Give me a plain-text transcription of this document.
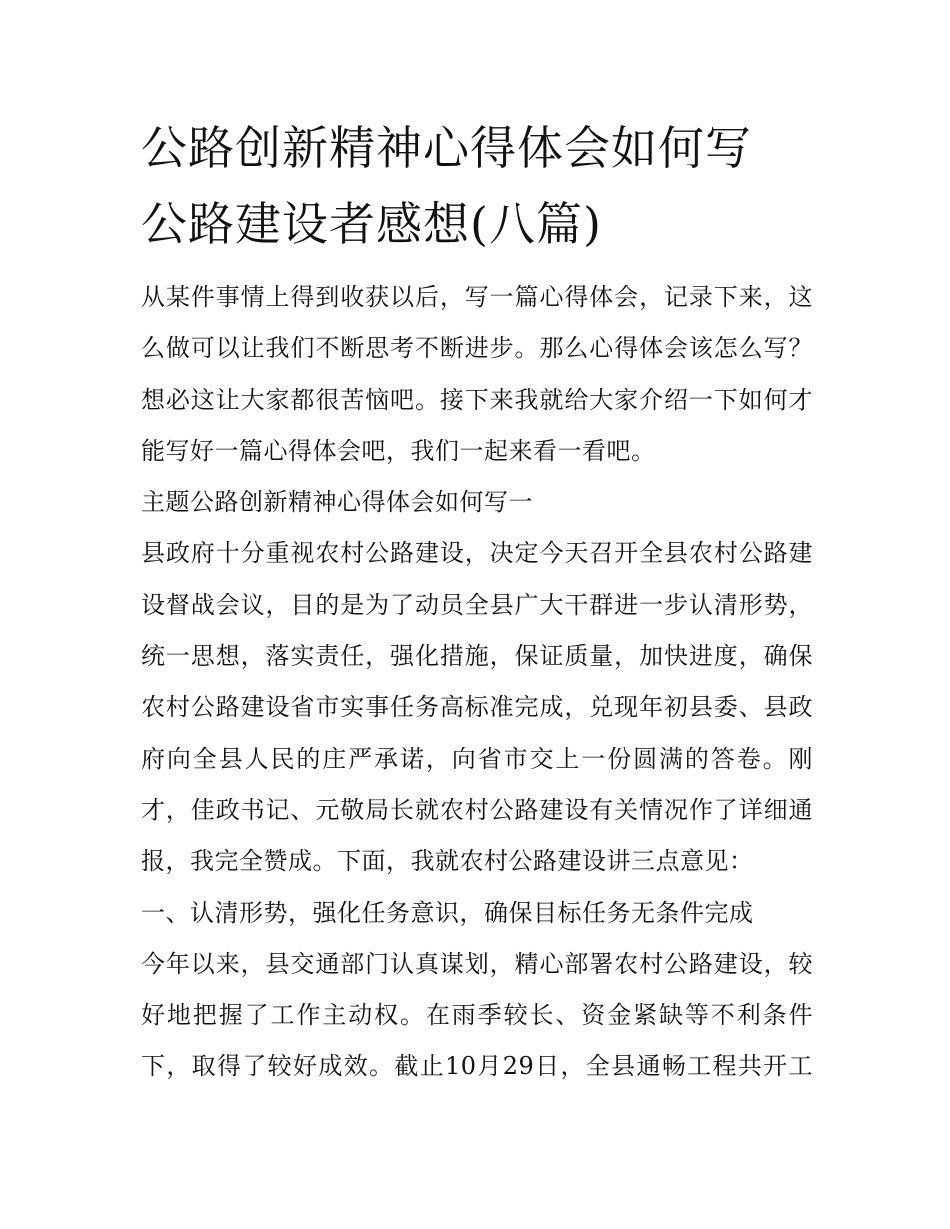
公路创新精神心得体会如何写
公路建设者感想(八篇)
从某件事情上得到收获以后，写一篇心得体会，记录下来，这
么做可以让我们不断思考不断进步。那么心得体会该怎么写？
想必这让大家都很苦恼吧。接下来我就给大家介绍一下如何才
能写好一篇心得体会吧，我们一起来看一看吧。
主题公路创新精神心得体会如何写一
县政府十分重视农村公路建设，决定今天召开全县农村公路建
设督战会议，目的是为了动员全县广大干群进一步认清形势，
统一思想，落实责任，强化措施，保证质量，加快进度，确保
农村公路建设省市实事任务高标准完成，兑现年初县委、县政
府向全县人民的庄严承诺，向省市交上一份圆满的答卷。刚
才，佳政书记、元敬局长就农村公路建设有关情况作了详细通
报，我完全赞成。下面，我就农村公路建设讲三点意见：
一、认清形势，强化任务意识，确保目标任务无条件完成
今年以来，县交通部门认真谋划，精心部署农村公路建设，较
好地把握了工作主动权。在雨季较长、资金紧缺等不利条件
下，取得了较好成效。截止10月29日，全县通畅工程共开工
